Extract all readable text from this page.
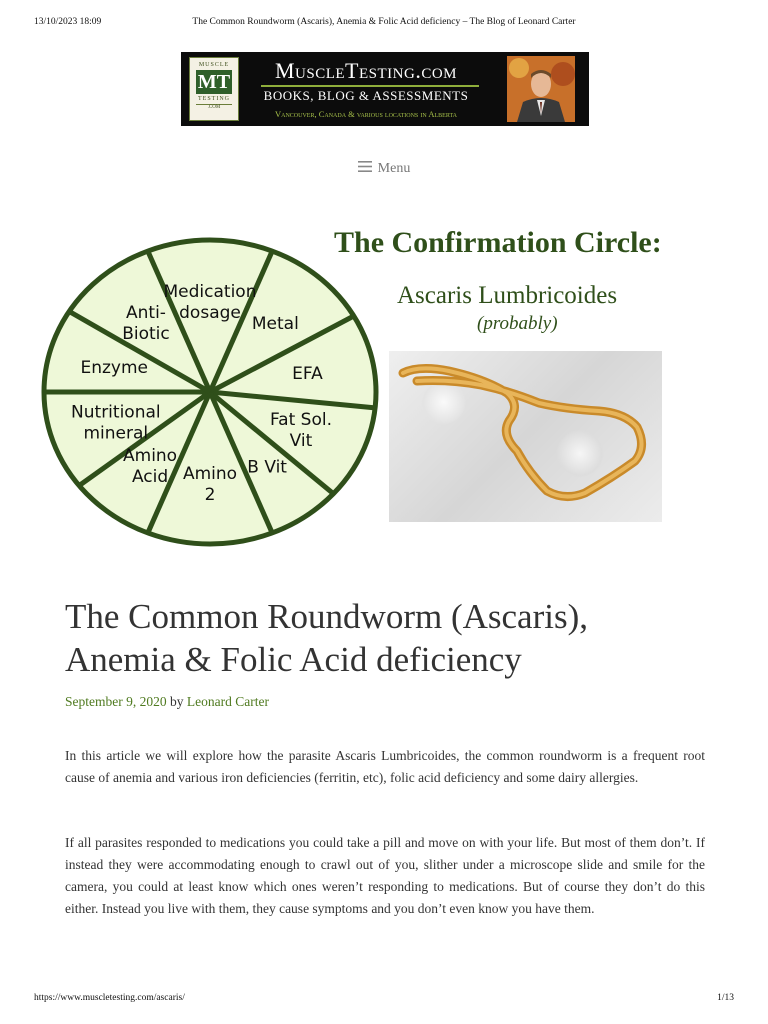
13/10/2023 18:09	The Common Roundworm (Ascaris), Anemia & Folic Acid deficiency – The Blog of Leonard Carter
MUSCLE
MT
TESTING
.COM
MuscleTesting.com
BOOKS, BLOG & ASSESSMENTS
Vancouver, Canada & various locations in Alberta
Menu
Medication dosage
Metal
EFA
Fat Sol. Vit
B Vit
Amino 2
Amino Acid
Nutritional mineral
Enzyme
Anti-Biotic
The Confirmation Circle:
Ascaris Lumbricoides
(probably)
The Common Roundworm (Ascaris), Anemia & Folic Acid deficiency
September 9, 2020 by Leonard Carter

In this article we will explore how the parasite Ascaris Lumbricoides, the common roundworm is a frequent root cause of anemia and various iron deficiencies (ferritin, etc), folic acid deficiency and some dairy allergies.

If all parasites responded to medications you could take a pill and move on with your life. But most of them don’t. If instead they were accommodating enough to crawl out of you, slither under a microscope slide and smile for the camera, you could at least know which ones weren’t responding to medications. But of course they don’t do this either. Instead you live with them, they cause symptoms and you don’t even know you have them.

https://www.muscletesting.com/ascaris/	1/13
